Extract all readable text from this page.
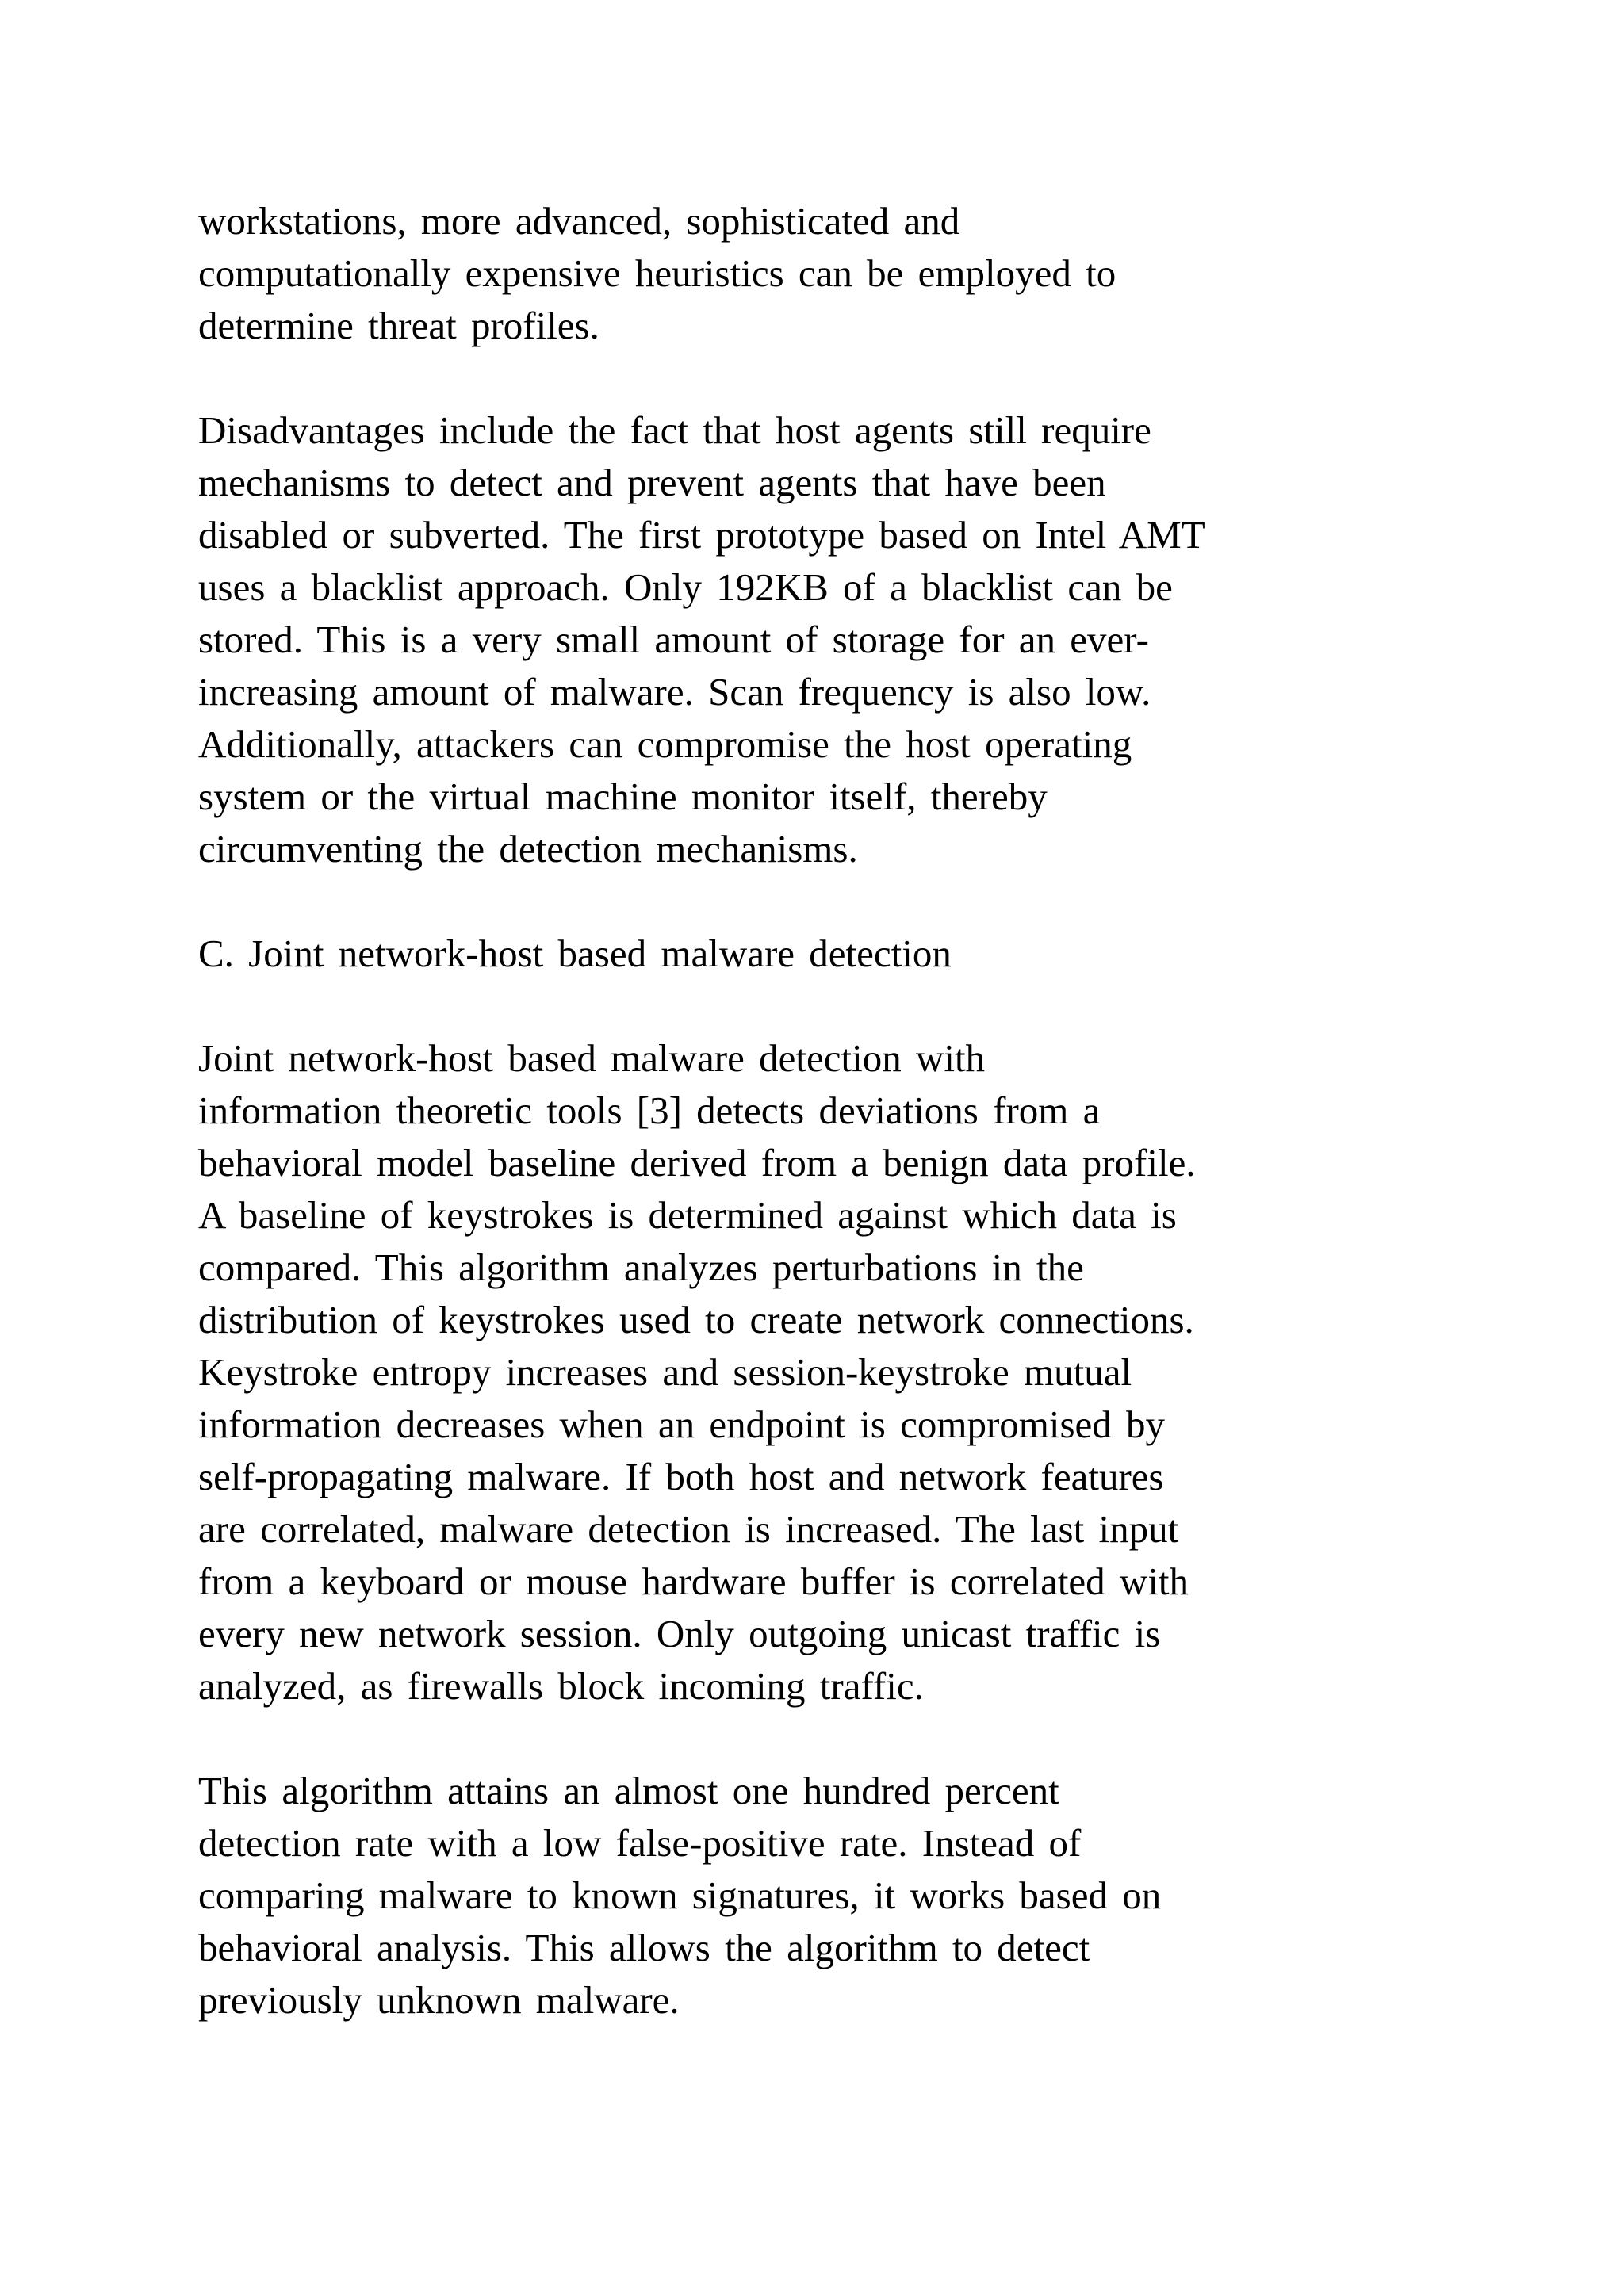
workstations, more advanced, sophisticated and
computationally expensive heuristics can be employed to
determine threat profiles.

Disadvantages include the fact that host agents still require
mechanisms to detect and prevent agents that have been
disabled or subverted. The first prototype based on Intel AMT
uses a blacklist approach. Only 192KB of a blacklist can be
stored. This is a very small amount of storage for an ever-
increasing amount of malware. Scan frequency is also low.
Additionally, attackers can compromise the host operating
system or the virtual machine monitor itself, thereby
circumventing the detection mechanisms.

C. Joint network-host based malware detection

Joint network-host based malware detection with
information theoretic tools [3] detects deviations from a
behavioral model baseline derived from a benign data profile.
A baseline of keystrokes is determined against which data is
compared. This algorithm analyzes perturbations in the
distribution of keystrokes used to create network connections.
Keystroke entropy increases and session-keystroke mutual
information decreases when an endpoint is compromised by
self-propagating malware. If both host and network features
are correlated, malware detection is increased. The last input
from a keyboard or mouse hardware buffer is correlated with
every new network session. Only outgoing unicast traffic is
analyzed, as firewalls block incoming traffic.

This algorithm attains an almost one hundred percent
detection rate with a low false-positive rate. Instead of
comparing malware to known signatures, it works based on
behavioral analysis. This allows the algorithm to detect
previously unknown malware.
